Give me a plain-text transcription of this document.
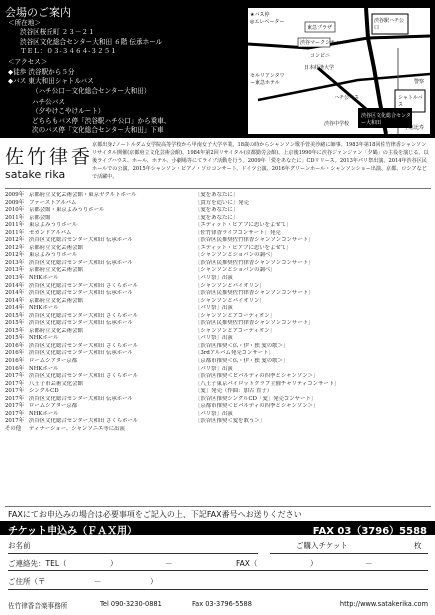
会場のご案内
＜所在地＞
渋谷区桜丘町 ２３－２１
渋谷区文化総合センター大和田 ６階 伝承ホール
ＴＥＬ：０３-３４６４-３２５１
＜アクセス＞
◆徒歩 渋谷駅から５分
◆バス 東大和田シャトルバス
（ハチ公口－文化総合センター大和田）
ハチ公バス
（夕やけこやけルート）
どちらもバス停「渋谷駅ハチ公口」から乗車、
次のバス停「文化総合センター大和田」下車
★バス停
◎エレベーター
東急プラザ
渋谷駅ハチ公口
渋谷マークシティ
コンビニ
日本経済大学
セルリアンタワー東急ホテル
ハチ公バス	シャトルバス
渋谷区文化総合センター大和田
警察
渋谷中学校
至恵比寿
佐竹律香
satake rika
京都出身♪ノートルダム女学院高等学校から甲南女子大学卒業。18歳の時からシャンソン歌手菅美沙緒に師事。1983年第18回佐竹律香シャンソンリサイタル開催(京都府立文化芸術会館)、1984年第2回リサイタル(京都勤労会館)。上京後1990年に渋谷ジァンジァン「夕鶴」の主役を演じる。以後ライブハウス、ホール、ホテル、小劇場等にてライブ活動を行う。2009年「愛をあなたに」CDリリース。2013年パリ祭出演、2014年渋谷区民ホールでの公演、2015年シャンソン・ピアノ・ソロコンサート、ドイツ公演、2016年グリーンホール・シャンソンショー出演、京都、ロシアなどで活躍中。
2009年 京都府立文化芸術会館・東京ヤクルトホール	［愛をあなたに］
2009年 ファーストアルバム	［貴方を追いに］発売
2010年 京都会館・東京よみうりホール	［愛をあなたに］
2011年 京都会館	［愛をあなたに］
2011年 東京よみうりホール	［エディット・ピアフに思いをよせて］
2011年 セカンドアルバム	［佐竹律香ライブコンサート］発売
2012年 渋谷区文化総合センター大和田 伝承ホール	［渋谷区民推奨佐竹律香シャンソンコンサート］
2012年 京都府立文化芸術会館	［エディット・ピアフに思いをよせて］
2012年 東京よみうりホール	［シャンソンとショパンの調べ］
2013年 渋谷区文化総合センター大和田 伝承ホール	［渋谷区民推奨佐竹律香シャンソンコンサート］
2013年 京都府立文化芸術会館	［シャンソンとショパンの調べ］
2013年 NHKホール	［パリ祭］出演
2014年 渋谷区文化総合センター大和田 さくらホール	［シャンソンとバイオリン］
2014年 渋谷区文化総合センター大和田 伝承ホール	［渋谷区民推奨佐竹律香シャンソンコンサート］
2014年 京都府立文化芸術会館	［シャンソンとバイオリン］
2014年 NHKホール	［パリ祭］出演
2015年 渋谷区文化総合センター大和田 さくらホール	［シャンソンとアコーディオン］
2015年 渋谷区文化総合センター大和田 伝承ホール	［渋谷区民推奨佐竹律香シャンソンコンサート］
2015年 京都府立文化芸術会館	［シャンソンとアコーディオン］
2015年 NHKホール	［パリ祭］出演
2016年 渋谷区文化総合センター大和田 さくらホール	［渋谷区推奨＜仏・伊・独 愛の歌＞］
2016年 渋谷区文化総合センター大和田 伝承ホール	［3rdアルバム発売コンサート］
2016年 ロームシアター京都	［京都市推奨＜仏・伊・独 愛の歌＞］
2016年 NHKホール	［パリ祭］出演
2017年 渋谷区文化総合センター大和田 さくらホール	［渋谷区推奨＜ピバルディの四季とシャンソン＞］
2017年 八王子市芸術文化会館	［八王子東京バイロットクラブ主催チャリティコンサート］
2017年 シングルCD	［愛］発売（作曲：加古 直子）
2017年 渋谷区文化総合センター大和田 伝承ホール	［渋谷区推奨シングルCD「愛」発売コンサート］
2017年 ロームシアター京都	［京都市推奨＜ピバルディの四季とシャンソン＞］
2017年 NHKホール	［パリ祭］出演
2017年 渋谷区文化総合センター大和田 さくらホール	［渋谷区推奨＜愛を歌う＞］
その他	ディナーショー、シャンソニエ等に出演
FAXにてお申込みの場合は必要事項をご記入の上、下記FAX番号へお送りください
チケット申込み（ＦＡＸ用）	FAX 03（3796）5588
お名前	ご購入チケット	枚
ご連絡先：TEL（	）	－	FAX（	）	－
ご住所（〒	－	）
佐竹律香音楽事務所	Tel 090-3230-0881	Fax 03-3796-5588	http://www.satakerika.com
